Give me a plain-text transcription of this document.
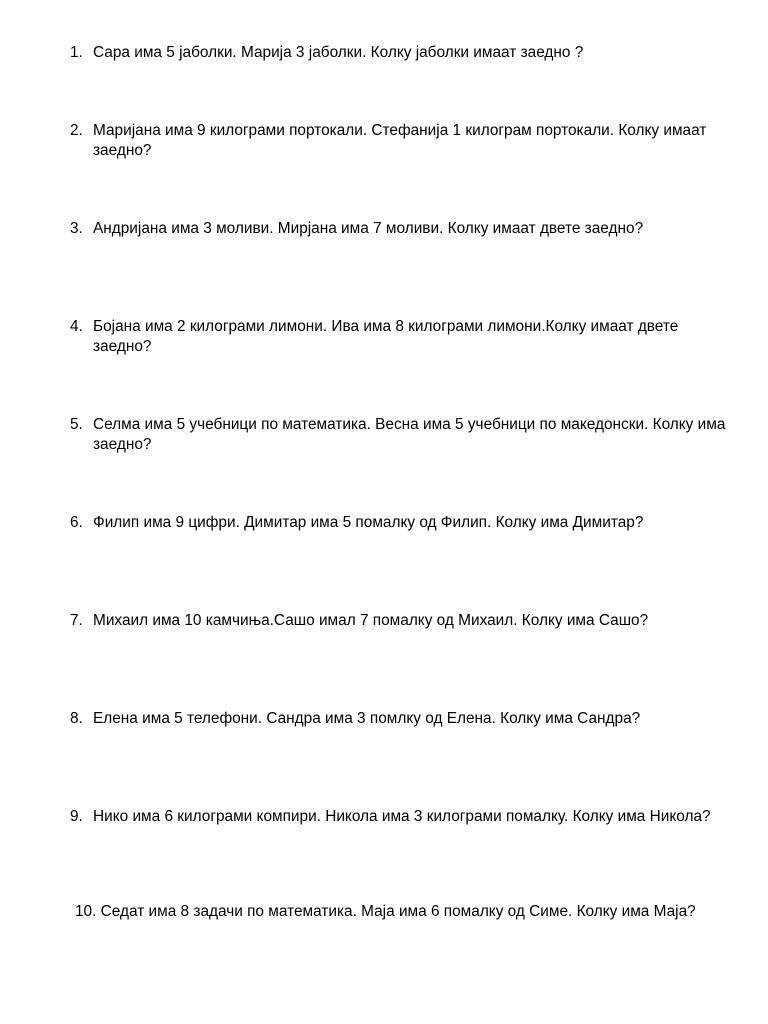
1. Сара има 5 јаболки. Марија 3 јаболки. Колку јаболки имаат заедно ?
2. Маријана има 9 килограми портокали. Стефанија 1 килограм портокали. Колку имаат заедно?
3. Андријана има 3 моливи. Мирјана има 7 моливи. Колку имаат двете заедно?
4. Бојана има 2 килограми лимони. Ива има 8 килограми лимони.Колку имаат двете заедно?
5. Селма има 5 учебници по математика. Весна има 5 учебници по македонски. Колку има заедно?
6. Филип има 9 цифри. Димитар има 5 помалку од Филип. Колку има Димитар?
7. Михаил има 10 камчиња.Сашо имал 7 помалку од Михаил. Колку има Сашо?
8. Елена има 5 телефони. Сандра има 3 помлку од Елена. Колку има Сандра?
9. Нико има 6 килограми компири. Никола има 3 килограми помалку. Колку има Никола?
10. Седат има 8 задачи по математика. Маја има 6 помалку од Симе. Колку има Маја?
